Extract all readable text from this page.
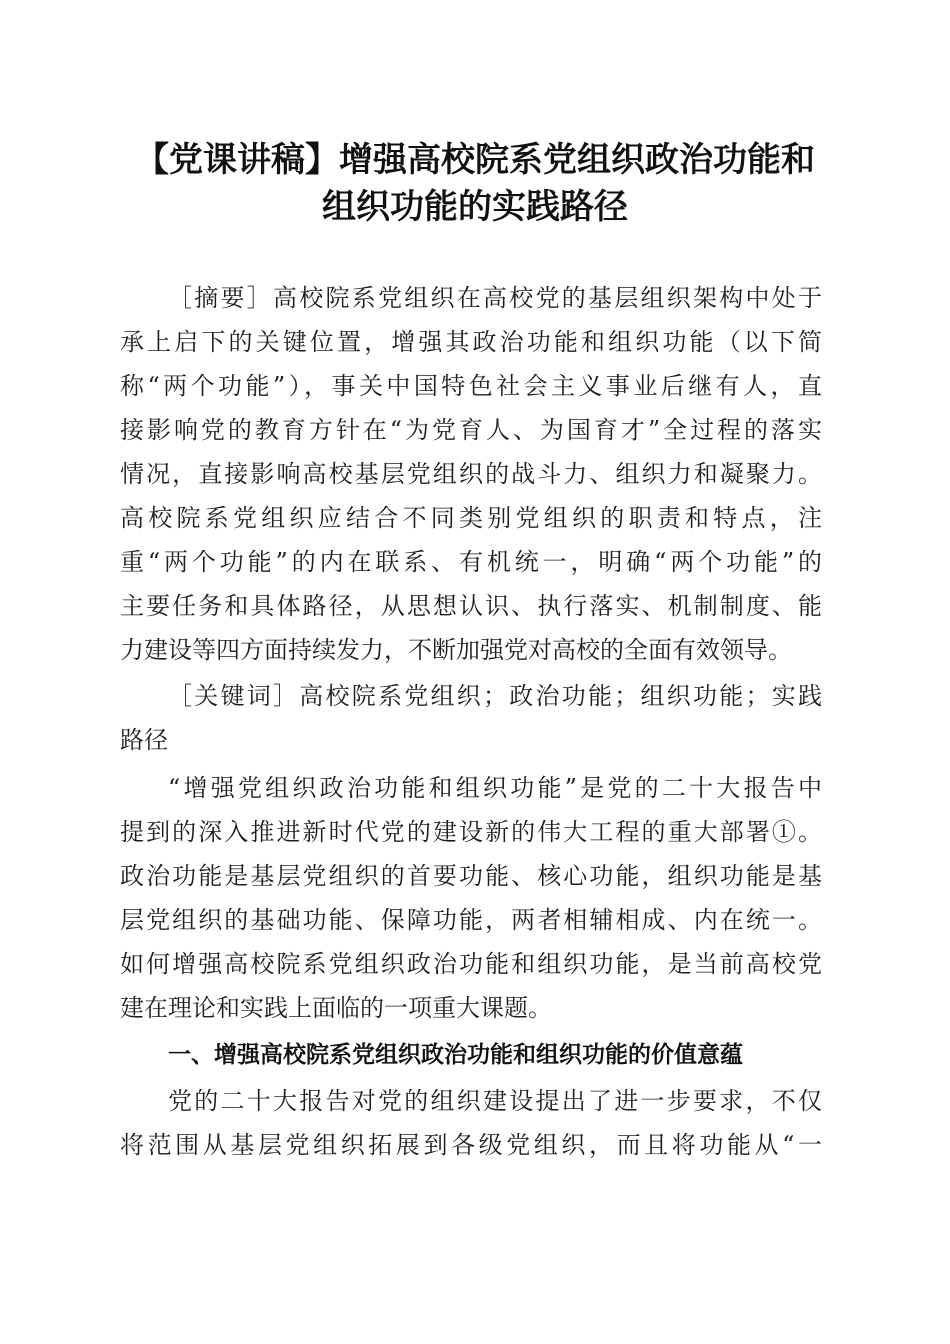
【党课讲稿】增强高校院系党组织政治功能和
组织功能的实践路径

［摘要］高校院系党组织在高校党的基层组织架构中处于

承上启下的关键位置，增强其政治功能和组织功能（以下简

称“两个功能”），事关中国特色社会主义事业后继有人，直

接影响党的教育方针在“为党育人、为国育才”全过程的落实

情况，直接影响高校基层党组织的战斗力、组织力和凝聚力。

高校院系党组织应结合不同类别党组织的职责和特点，注

重“两个功能”的内在联系、有机统一，明确“两个功能”的

主要任务和具体路径，从思想认识、执行落实、机制制度、能

力建设等四方面持续发力，不断加强党对高校的全面有效领导。

［关键词］高校院系党组织；政治功能；组织功能；实践

路径

“增强党组织政治功能和组织功能”是党的二十大报告中

提到的深入推进新时代党的建设新的伟大工程的重大部署①。

政治功能是基层党组织的首要功能、核心功能，组织功能是基

层党组织的基础功能、保障功能，两者相辅相成、内在统一。

如何增强高校院系党组织政治功能和组织功能，是当前高校党

建在理论和实践上面临的一项重大课题。

一、增强高校院系党组织政治功能和组织功能的价值意蕴

党的二十大报告对党的组织建设提出了进一步要求，不仅

将范围从基层党组织拓展到各级党组织，而且将功能从“一
